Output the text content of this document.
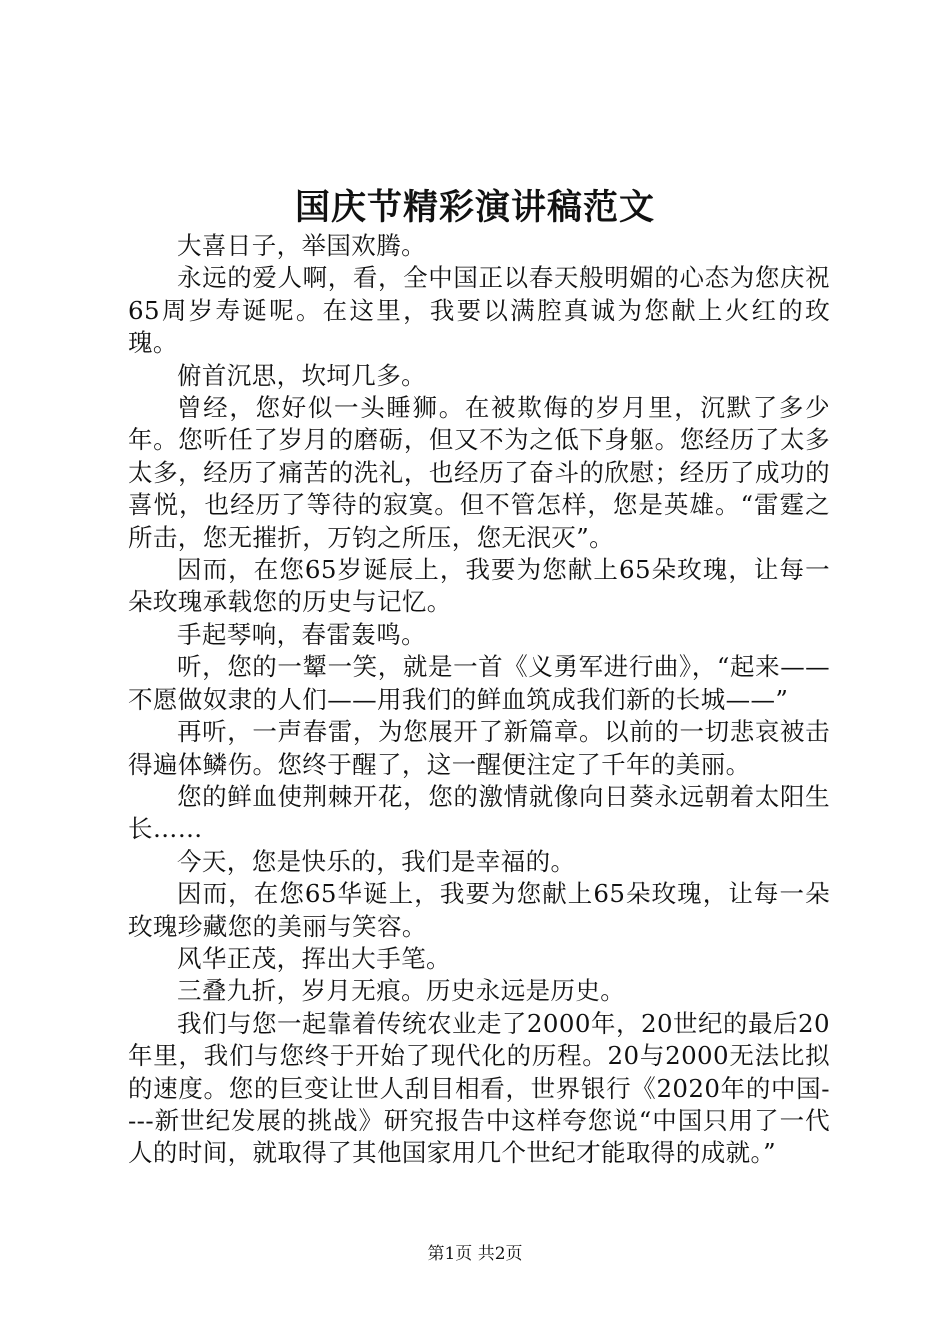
国庆节精彩演讲稿范文

大喜日子，举国欢腾。

永远的爱人啊，看，全中国正以春天般明媚的心态为您庆祝65周岁寿诞呢。在这里，我要以满腔真诚为您献上火红的玫瑰。

俯首沉思，坎坷几多。

曾经，您好似一头睡狮。在被欺侮的岁月里，沉默了多少年。您听任了岁月的磨砺，但又不为之低下身躯。您经历了太多太多，经历了痛苦的洗礼，也经历了奋斗的欣慰；经历了成功的喜悦，也经历了等待的寂寞。但不管怎样，您是英雄。“雷霆之所击，您无摧折，万钧之所压，您无泯灭”。

因而，在您65岁诞辰上，我要为您献上65朵玫瑰，让每一朵玫瑰承载您的历史与记忆。

手起琴响，春雷轰鸣。

听，您的一颦一笑，就是一首《义勇军进行曲》，“起来——不愿做奴隶的人们——用我们的鲜血筑成我们新的长城——”

再听，一声春雷，为您展开了新篇章。以前的一切悲哀被击得遍体鳞伤。您终于醒了，这一醒便注定了千年的美丽。

您的鲜血使荆棘开花，您的激情就像向日葵永远朝着太阳生长……

今天，您是快乐的，我们是幸福的。

因而，在您65华诞上，我要为您献上65朵玫瑰，让每一朵玫瑰珍藏您的美丽与笑容。

风华正茂，挥出大手笔。

三叠九折，岁月无痕。历史永远是历史。

我们与您一起靠着传统农业走了2000年，20世纪的最后20年里，我们与您终于开始了现代化的历程。20与2000无法比拟的速度。您的巨变让世人刮目相看，世界银行《2020年的中国----新世纪发展的挑战》研究报告中这样夸您说“中国只用了一代人的时间，就取得了其他国家用几个世纪才能取得的成就。”

第1页 共2页
